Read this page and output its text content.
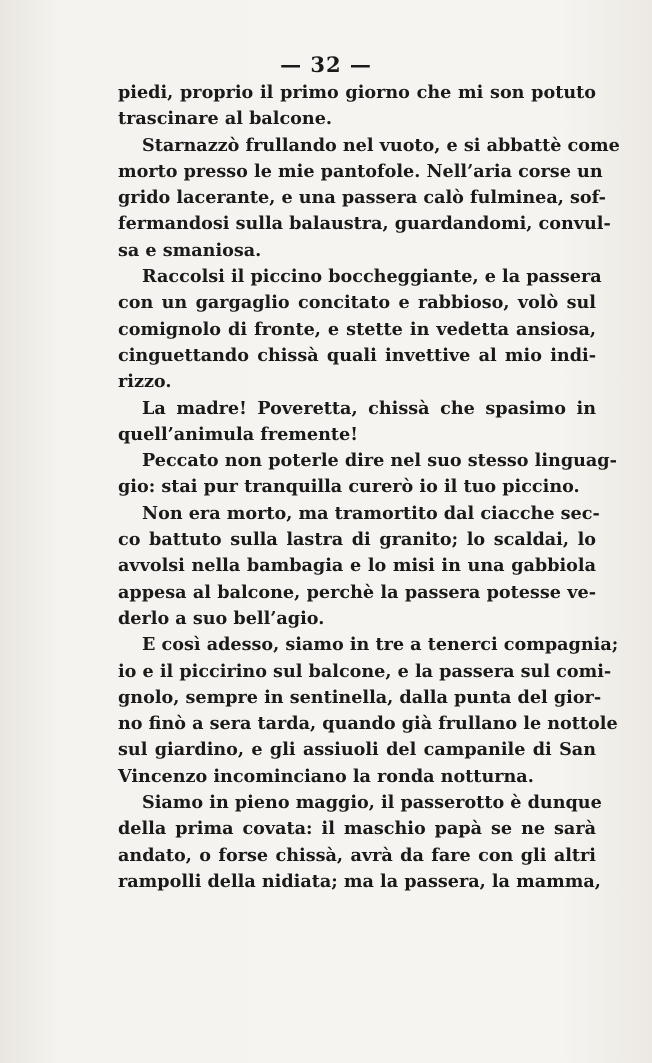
— 32 —
piedi, proprio il primo giorno che mi son potuto
trascinare al balcone.
Starnazzò frullando nel vuoto, e si abbattè come
morto presso le mie pantofole. Nell’aria corse un
grido lacerante, e una passera calò fulminea, sof-
fermandosi sulla balaustra, guardandomi, convul-
sa e smaniosa.
Raccolsi il piccino boccheggiante, e la passera
con un gargaglio concitato e rabbioso, volò sul
comignolo di fronte, e stette in vedetta ansiosa,
cinguettando chissà quali invettive al mio indi-
rizzo.
La madre! Poveretta, chissà che spasimo in
quell’animula fremente!
Peccato non poterle dire nel suo stesso linguag-
gio: stai pur tranquilla curerò io il tuo piccino.
Non era morto, ma tramortito dal ciacche sec-
co battuto sulla lastra di granito; lo scaldai, lo
avvolsi nella bambagia e lo misi in una gabbiola
appesa al balcone, perchè la passera potesse ve-
derlo a suo bell’agio.
E così adesso, siamo in tre a tenerci compagnia;
io e il piccirino sul balcone, e la passera sul comi-
gnolo, sempre in sentinella, dalla punta del gior-
no finò a sera tarda, quando già frullano le nottole
sul giardino, e gli assiuoli del campanile di San
Vincenzo incominciano la ronda notturna.
Siamo in pieno maggio, il passerotto è dunque
della prima covata: il maschio papà se ne sarà
andato, o forse chissà, avrà da fare con gli altri
rampolli della nidiata; ma la passera, la mamma,
